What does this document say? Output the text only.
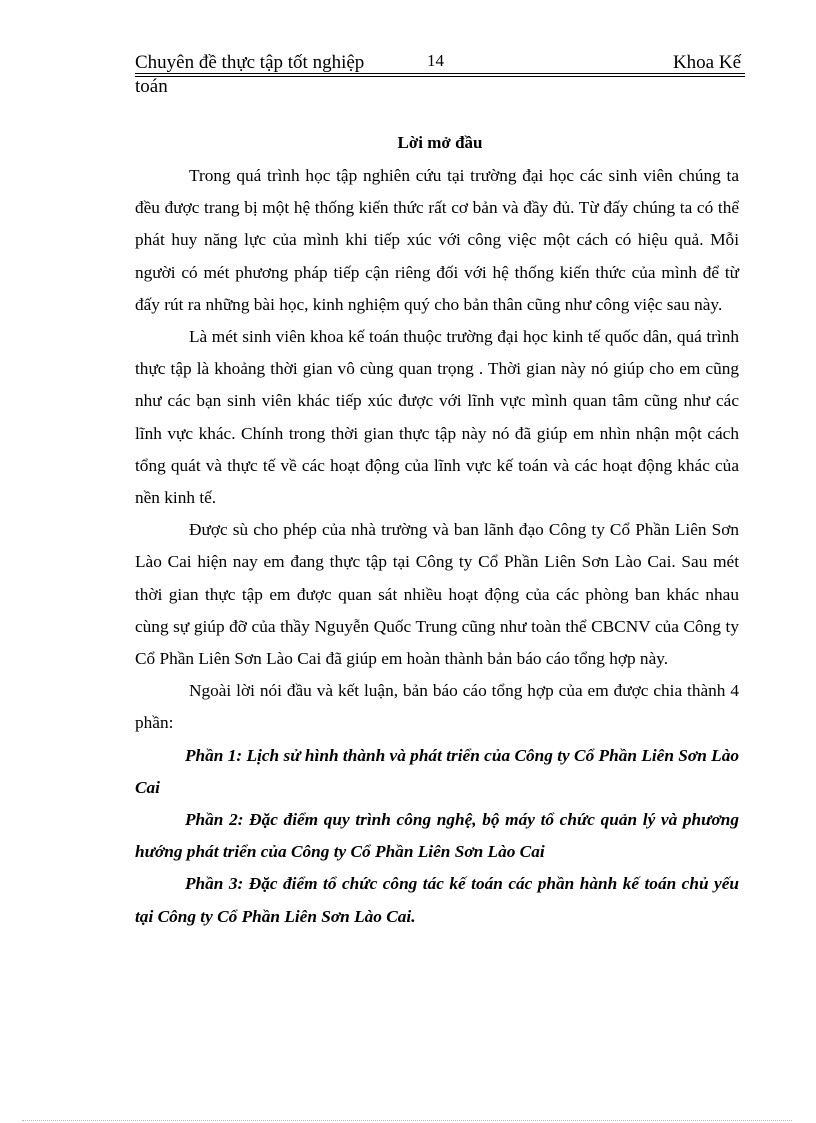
Chuyên đề thực tập tốt nghiệp	14	Khoa Kế
toán
Lời mở đầu

Trong quá trình học tập nghiên cứu tại trường đại học các sinh viên chúng ta đều được trang bị một hệ thống kiến thức rất cơ bản và đầy đủ. Từ đấy chúng ta có thể phát huy năng lực của mình khi tiếp xúc với công việc một cách có hiệu quả. Mỗi người có mét phương pháp tiếp cận riêng đối với hệ thống kiến thức của mình để từ đấy rút ra những bài học, kinh nghiệm quý cho bản thân cũng như công việc sau này.

Là mét sinh viên khoa kế toán thuộc trường đại học kinh tế quốc dân, quá trình thực tập là khoảng thời gian vô cùng quan trọng . Thời gian này nó giúp cho em cũng như các bạn sinh viên khác tiếp xúc được với lĩnh vực mình quan tâm cũng như các lĩnh vực khác. Chính trong thời gian thực tập này nó đã giúp em nhìn nhận một cách tổng quát và thực tế về các hoạt động của lĩnh vực kế toán và các hoạt động khác của nền kinh tế.

Được sù cho phép của nhà trường và ban lãnh đạo Công ty Cổ Phần Liên Sơn Lào Cai hiện nay em đang thực tập tại Công ty Cổ Phần Liên Sơn Lào Cai. Sau mét thời gian thực tập em được quan sát nhiều hoạt động của các phòng ban khác nhau cùng sự giúp đỡ của thầy Nguyễn Quốc Trung cũng như toàn thể CBCNV của Công ty Cổ Phần Liên Sơn Lào Cai đã giúp em hoàn thành bản báo cáo tổng hợp này.

Ngoài lời nói đầu và kết luận, bản báo cáo tổng hợp của em được chia thành 4 phần:

Phần 1: Lịch sử hình thành và phát triển của Công ty Cổ Phần Liên Sơn Lào Cai

Phần 2: Đặc điểm quy trình công nghệ, bộ máy tổ chức quản lý và phương hướng phát triển của Công ty Cổ Phần Liên Sơn Lào Cai

Phần 3: Đặc điểm tổ chức công tác kế toán các phần hành kế toán chủ yếu tại Công ty Cổ Phần Liên Sơn Lào Cai.
